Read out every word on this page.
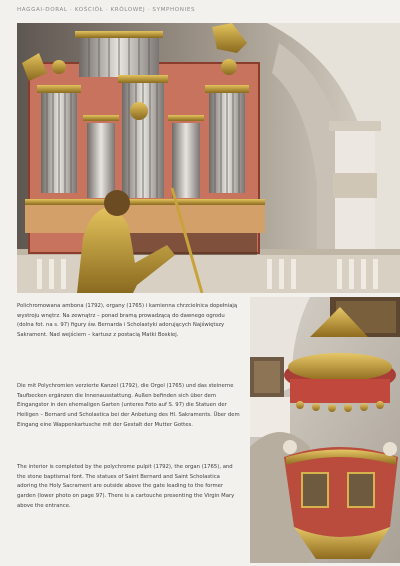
HAGGAI-DORAL · KOŚCIÓŁ · KRÓLOWEJ · SYMPHONIES

Polichromowana ambona (1792), organy (1765) i kamienna chrzcielnica dopełniają wystroju wnętrz. Na zewnątrz – ponad bramą prowadzącą do dawnego ogrodu (dolna fot. na s. 97) figury św. Bernarda i Scholastyki adorujących Najświętszy Sakrament. Nad wejściem – kartusz z postacią Matki Boskiej.

Die mit Polychromien verzierte Kanzel (1792), die Orgel (1765) und das steinerne Taufbecken ergänzen die Innenausstattung. Außen befinden sich über dem Eingangstor in den ehemaligen Garten (unteres Foto auf S. 97) die Statuen der Heiligen – Bernard und Scholastica bei der Anbetung des Hl. Sakraments. Über dem Eingang eine Wappenkartusche mit der Gestalt der Mutter Gottes.

The interior is completed by the polychrome pulpit (1792), the organ (1765), and the stone baptismal font. The statues of Saint Bernard and Saint Scholastica adoring the Holy Sacrament are outside above the gate leading to the former garden (lower photo on page 97). There is a cartouche presenting the Virgin Mary above the entrance.
